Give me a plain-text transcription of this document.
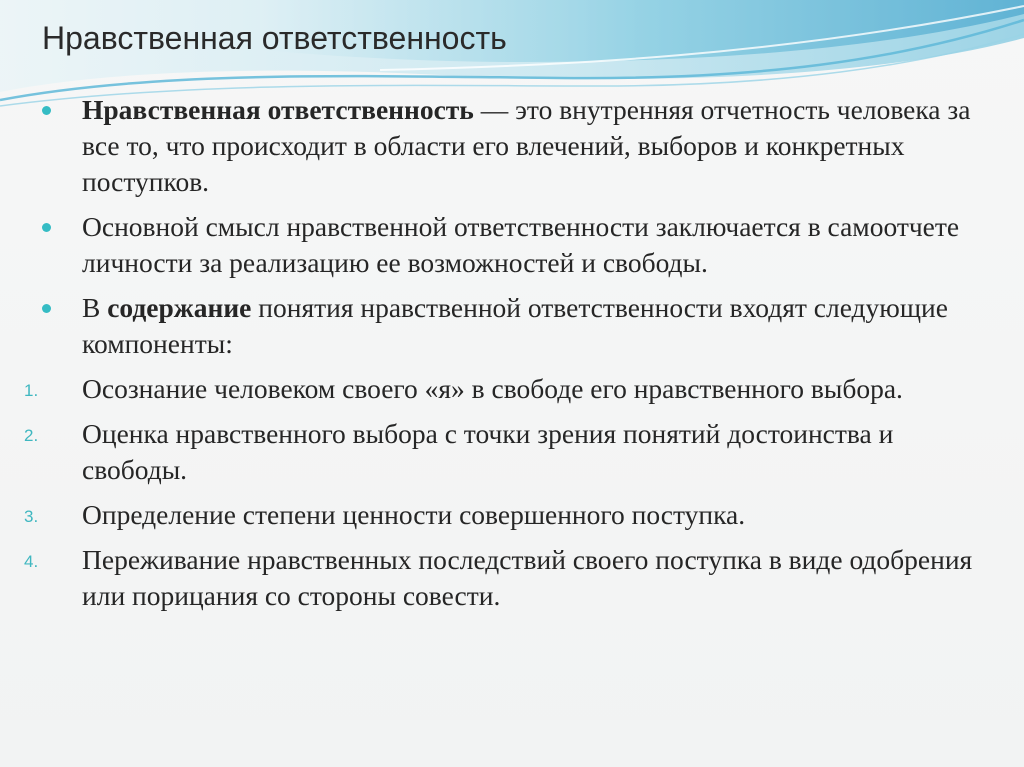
Нравственная ответственность
Нравственная ответственность — это внутренняя отчетность человека за все то, что происходит в области его влечений, выборов и конкретных поступков.
Основной смысл нравственной ответственности заключается в самоотчете личности за реализацию ее возможностей и свободы.
В содержание понятия нравственной ответственности входят следующие компоненты:
1.	Осознание человеком своего «я» в свободе его нравственного выбора.
2.	Оценка нравственного выбора с точки зрения понятий достоинства и свободы.
3.	Определение степени ценности совершенного поступка.
4.	Переживание нравственных последствий своего поступка в виде одобрения или порицания со стороны совести.
